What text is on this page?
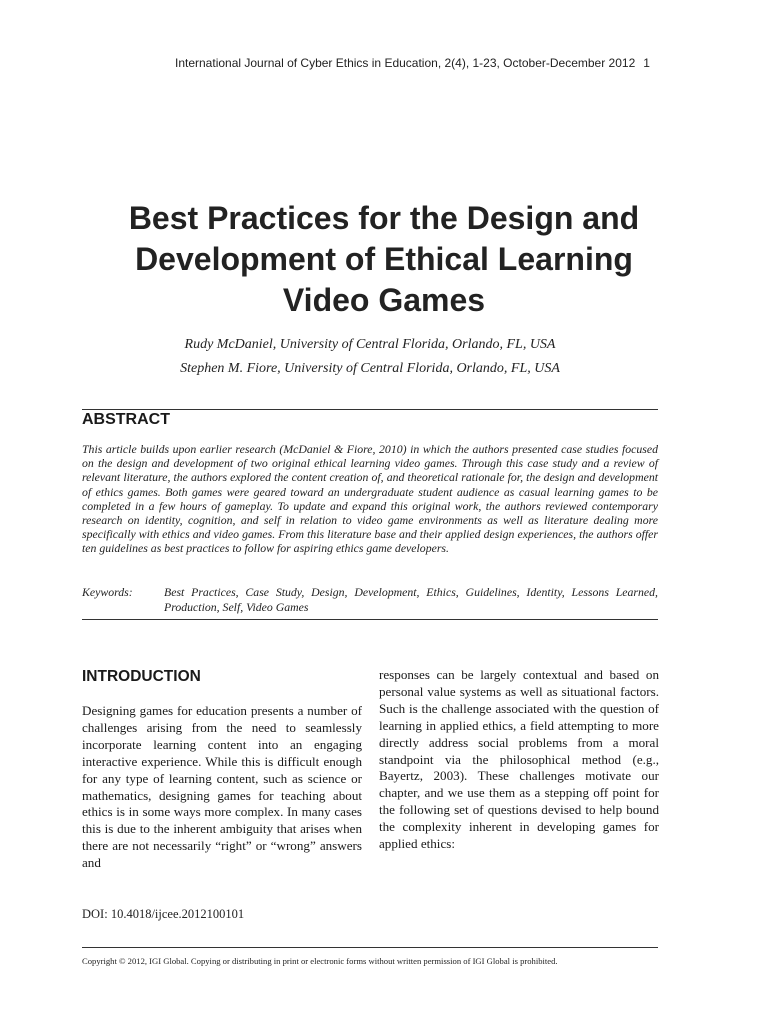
International Journal of Cyber Ethics in Education, 2(4), 1-23, October-December 2012 1
Best Practices for the Design and Development of Ethical Learning Video Games
Rudy McDaniel, University of Central Florida, Orlando, FL, USA
Stephen M. Fiore, University of Central Florida, Orlando, FL, USA
ABSTRACT

This article builds upon earlier research (McDaniel & Fiore, 2010) in which the authors presented case studies focused on the design and development of two original ethical learning video games. Through this case study and a review of relevant literature, the authors explored the content creation of, and theoretical rationale for, the design and development of ethics games. Both games were geared toward an undergraduate student audience as casual learning games to be completed in a few hours of gameplay. To update and expand this original work, the authors reviewed contemporary research on identity, cognition, and self in relation to video game environments as well as literature dealing more specifically with ethics and video games. From this literature base and their applied design experiences, the authors offer ten guidelines as best practices to follow for aspiring ethics game developers.

Keywords:	Best Practices, Case Study, Design, Development, Ethics, Guidelines, Identity, Lessons Learned, Production, Self, Video Games
INTRODUCTION

Designing games for education presents a number of challenges arising from the need to seamlessly incorporate learning content into an engaging interactive experience. While this is difficult enough for any type of learning content, such as science or mathematics, designing games for teaching about ethics is in some ways more complex. In many cases this is due to the inherent ambiguity that arises when there are not necessarily “right” or “wrong” answers and

responses can be largely contextual and based on personal value systems as well as situational factors. Such is the challenge associated with the question of learning in applied ethics, a field attempting to more directly address social problems from a moral standpoint via the philosophical method (e.g., Bayertz, 2003). These challenges motivate our chapter, and we use them as a stepping off point for the following set of questions devised to help bound the complexity inherent in developing games for applied ethics:

DOI: 10.4018/ijcee.2012100101
Copyright © 2012, IGI Global. Copying or distributing in print or electronic forms without written permission of IGI Global is prohibited.
